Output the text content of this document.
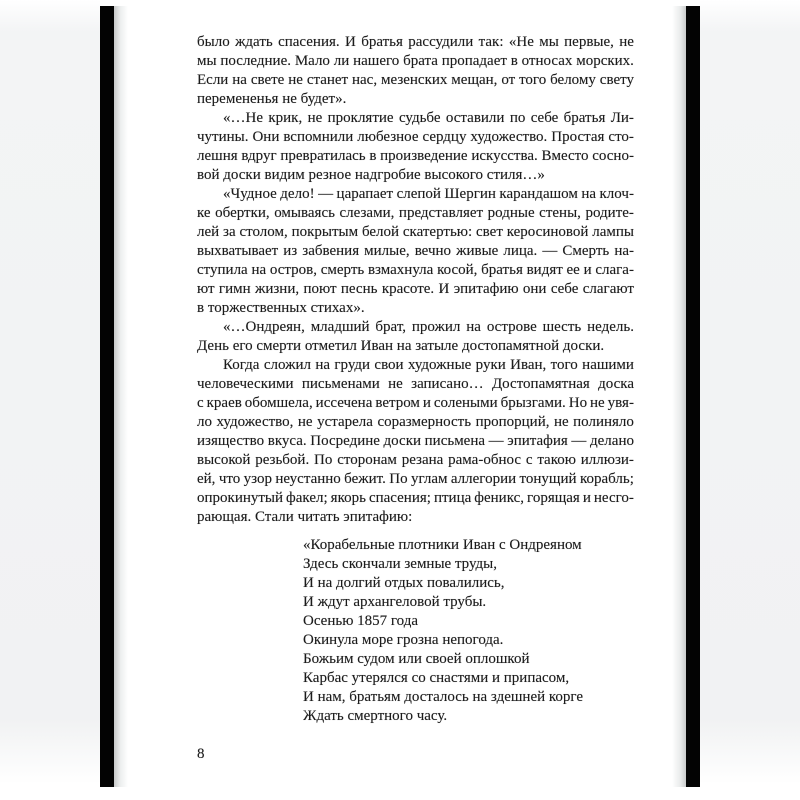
было ждать спасения. И братья рассудили так: «Не мы первые, не
мы последние. Мало ли нашего брата пропадает в относах морских.
Если на свете не станет нас, мезенских мещан, от того белому свету
перемененья не будет».
«…Не крик, не проклятие судьбе оставили по себе братья Ли-
чутины. Они вспомнили любезное сердцу художество. Простая сто-
лешня вдруг превратилась в произведение искусства. Вместо сосно-
вой доски видим резное надгробие высокого стиля…»
«Чудное дело! — царапает слепой Шергин карандашом на клоч-
ке обертки, омываясь слезами, представляет родные стены, родите-
лей за столом, покрытым белой скатертью: свет керосиновой лампы
выхватывает из забвения милые, вечно живые лица. — Смерть на-
ступила на остров, смерть взмахнула косой, братья видят ее и слага-
ют гимн жизни, поют песнь красоте. И эпитафию они себе слагают
в торжественных стихах».
«…Ондреян, младший брат, прожил на острове шесть недель.
День его смерти отметил Иван на затыле достопамятной доски.
Когда сложил на груди свои художные руки Иван, того нашими
человеческими письменами не записано… Достопамятная доска
с краев обомшела, иссечена ветром и солеными брызгами. Но не увя-
ло художество, не устарела соразмерность пропорций, не полиняло
изящество вкуса. Посредине доски письмена — эпитафия — делано
высокой резьбой. По сторонам резана рама-обнос с такою иллюзи-
ей, что узор неустанно бежит. По углам аллегории тонущий корабль;
опрокинутый факел; якорь спасения; птица феникс, горящая и несго-
рающая. Стали читать эпитафию:
«Корабельные плотники Иван с Ондреяном
Здесь скончали земные труды,
И на долгий отдых повалились,
И ждут архангеловой трубы.
Осенью 1857 года
Окинула море грозна непогода.
Божьим судом или своей оплошкой
Карбас утерялся со снастями и припасом,
И нам, братьям досталось на здешней корге
Ждать смертного часу.
8
